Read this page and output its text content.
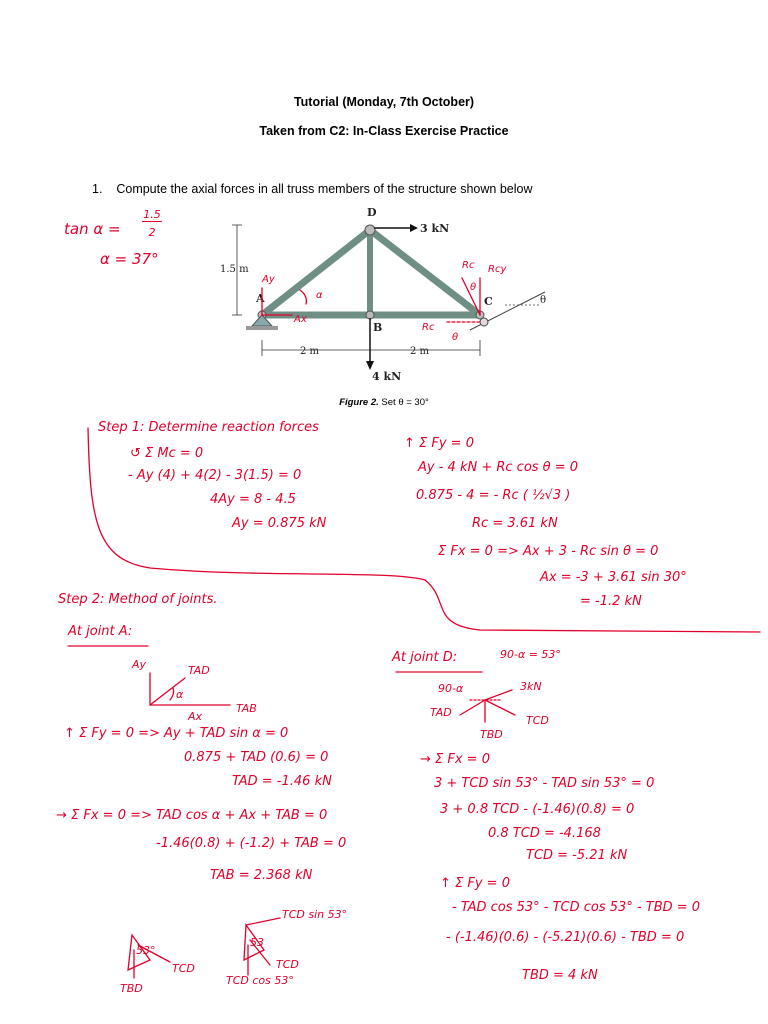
Tutorial (Monday, 7th October)
Taken from C2: In-Class Exercise Practice
1. Compute the axial forces in all truss members of the structure shown below
D
3 kN
A
B
C
4 kN
1.5 m
2 m	2 m
θ
Ay
Ax
α
Rc Rcy
θ
Rc
θ
Figure 2. Set θ = 30°
tan α =
1.5
2
α = 37°
Step 1: Determine reaction forces
↺ Σ Mc = 0
- Ay (4) + 4(2) - 3(1.5) = 0
4Ay = 8 - 4.5
Ay = 0.875 kN
↑ Σ Fy = 0
Ay - 4 kN + Rc cos θ = 0
0.875 - 4 = - Rc ( ½√3 )
Rc = 3.61 kN
Σ Fx = 0 => Ax + 3 - Rc sin θ = 0
Ax = -3 + 3.61 sin 30°
= -1.2 kN
Step 2: Method of joints.
At joint A:
Ay	TAD
α
Ax
TAB
↑ Σ Fy = 0 => Ay + TAD sin α = 0
0.875 + TAD (0.6) = 0
TAD = -1.46 kN
→ Σ Fx = 0 => TAD cos α + Ax + TAB = 0
-1.46(0.8) + (-1.2) + TAB = 0
TAB = 2.368 kN
At joint D:	90-α = 53°
90-α	3kN
TAD
TCD
TBD
→ Σ Fx = 0
3 + TCD sin 53° - TAD sin 53° = 0
3 + 0.8 TCD - (-1.46)(0.8) = 0
0.8 TCD = -4.168
TCD = -5.21 kN
↑ Σ Fy = 0
- TAD cos 53° - TCD cos 53° - TBD = 0
- (-1.46)(0.6) - (-5.21)(0.6) - TBD = 0
TBD = 4 kN
53°
TCD
TBD
TCD sin 53°
53
TCD cos 53°
TCD
